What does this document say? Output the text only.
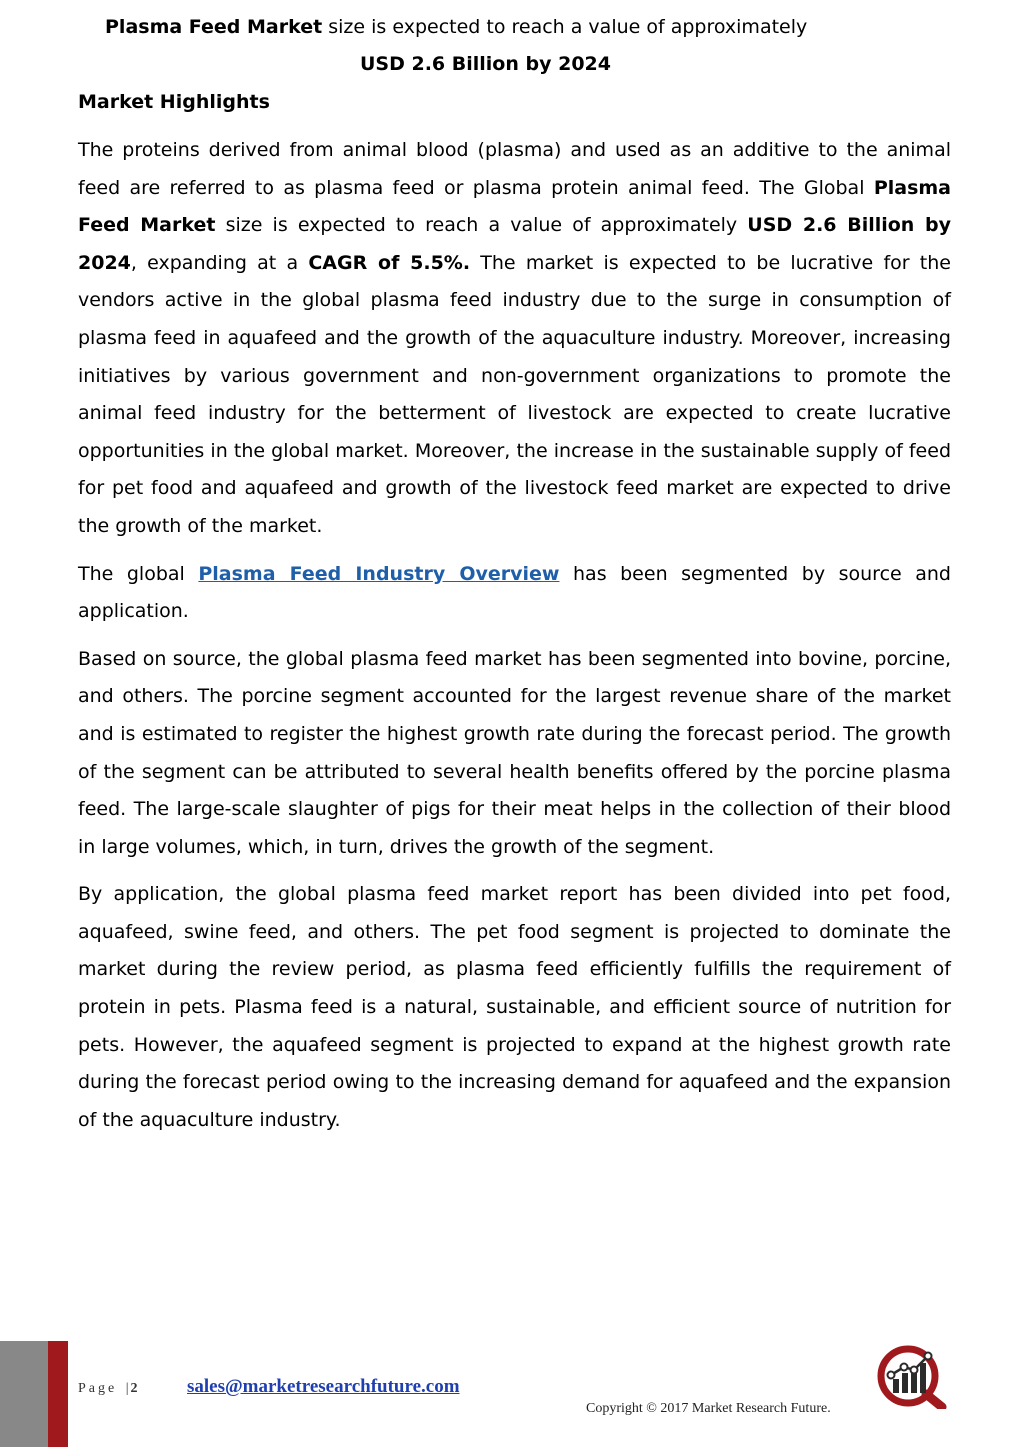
Plasma Feed Market size is expected to reach a value of approximately
USD 2.6 Billion by 2024
Market Highlights

The proteins derived from animal blood (plasma) and used as an additive to the animal feed are referred to as plasma feed or plasma protein animal feed. The Global Plasma Feed Market size is expected to reach a value of approximately USD 2.6 Billion by 2024, expanding at a CAGR of 5.5%. The market is expected to be lucrative for the vendors active in the global plasma feed industry due to the surge in consumption of plasma feed in aquafeed and the growth of the aquaculture industry. Moreover, increasing initiatives by various government and non-government organizations to promote the animal feed industry for the betterment of livestock are expected to create lucrative opportunities in the global market. Moreover, the increase in the sustainable supply of feed for pet food and aquafeed and growth of the livestock feed market are expected to drive the growth of the market.

The global Plasma Feed Industry Overview has been segmented by source and application.

Based on source, the global plasma feed market has been segmented into bovine, porcine, and others. The porcine segment accounted for the largest revenue share of the market and is estimated to register the highest growth rate during the forecast period. The growth of the segment can be attributed to several health benefits offered by the porcine plasma feed. The large-scale slaughter of pigs for their meat helps in the collection of their blood in large volumes, which, in turn, drives the growth of the segment.

By application, the global plasma feed market report has been divided into pet food, aquafeed, swine feed, and others. The pet food segment is projected to dominate the market during the review period, as plasma feed efficiently fulfills the requirement of protein in pets. Plasma feed is a natural, sustainable, and efficient source of nutrition for pets. However, the aquafeed segment is projected to expand at the highest growth rate during the forecast period owing to the increasing demand for aquafeed and the expansion of the aquaculture industry.

Page | 2	sales@marketresearchfuture.com
Copyright © 2017 Market Research Future.
